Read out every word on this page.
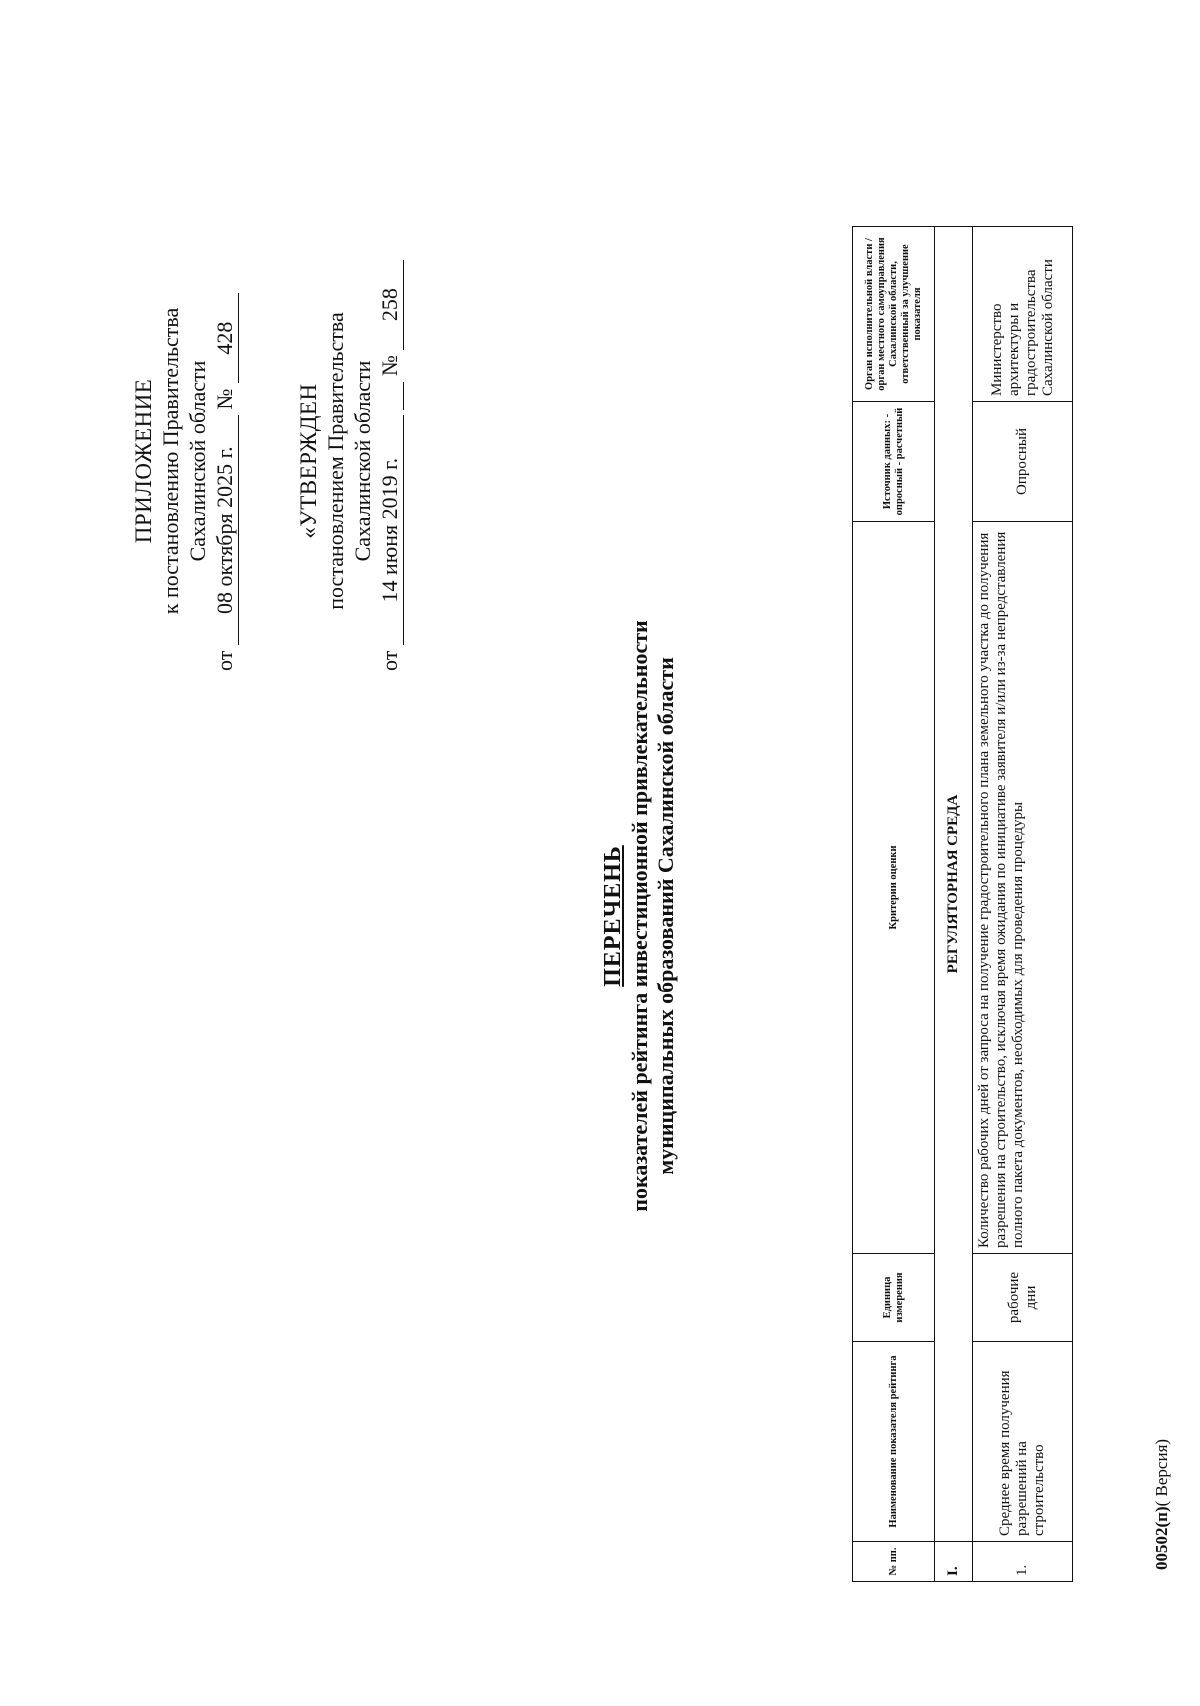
ПРИЛОЖЕНИЕ к постановлению Правительства Сахалинской области
от 08 октября 2025 г. № 428
«УТВЕРЖДЕН постановлением Правительства Сахалинской области
от 14 июня 2019 г.  № 258
ПЕРЕЧЕНЬ показателей рейтинга инвестиционной привлекательности муниципальных образований Сахалинской области
№ пп.	Наименование показателя рейтинга	Единица измерения	Критерии оценки	Источник данных: - опросный - расчетный	Орган исполнительной власти / орган местного самоуправления Сахалинской области, ответственный за улучшение показателя
I.	РЕГУЛЯТОРНАЯ СРЕДА				
1.	Среднее время получения разрешений на строительство	рабочие дни	Количество рабочих дней от запроса на получение градостроительного плана земельного участка до получения разрешения на строительство, исключая время ожидания по инициативе заявителя и/или из-за непредставления полного пакета документов, необходимых для проведения процедуры	Опросный	Министерство архитектуры и градостроительства Сахалинской области
00502(п)( Версия)
